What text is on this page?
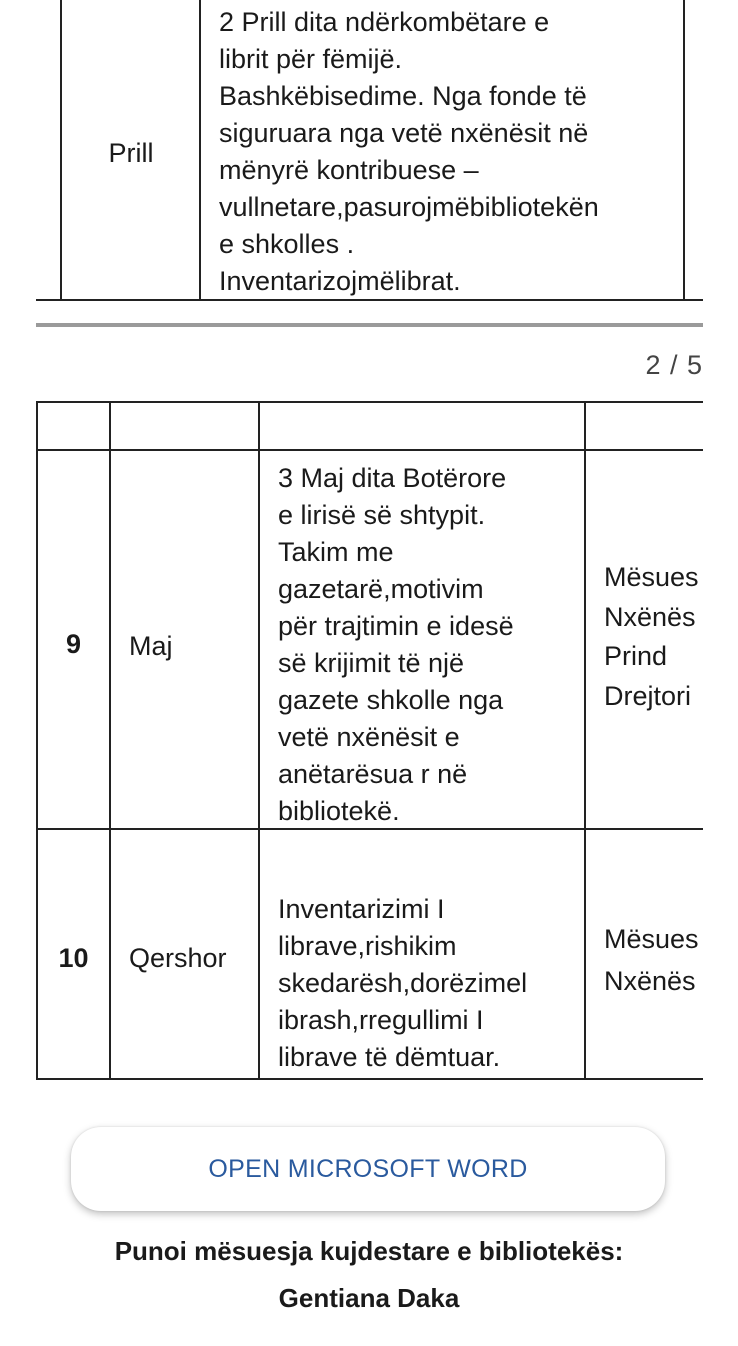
Prill
2 Prill dita ndërkombëtare e
librit për fëmijë.
Bashkëbisedime. Nga fonde të
siguruara nga vetë nxënësit në
mënyrë kontribuese –
vullnetare,pasurojmëbibliotekën
e shkolles .
Inventarizojmëlibrat.
2 / 5
9	Maj
3 Maj dita Botërore
e lirisë së shtypit.
Takim me
gazetarë,motivim
për trajtimin e idesë
së krijimit të një
gazete shkolle nga
vetë nxënësit e
anëtarësua r në
bibliotekë.
Mësues
Nxënës
Prind
Drejtori
10	Qershor
Inventarizimi I
librave,rishikim
skedarësh,dorëzimel
ibrash,rregullimi I
librave të dëmtuar.
Mësues
Nxënës
OPEN MICROSOFT WORD
Punoi mësuesja kujdestare e bibliotekës:
Gentiana Daka
